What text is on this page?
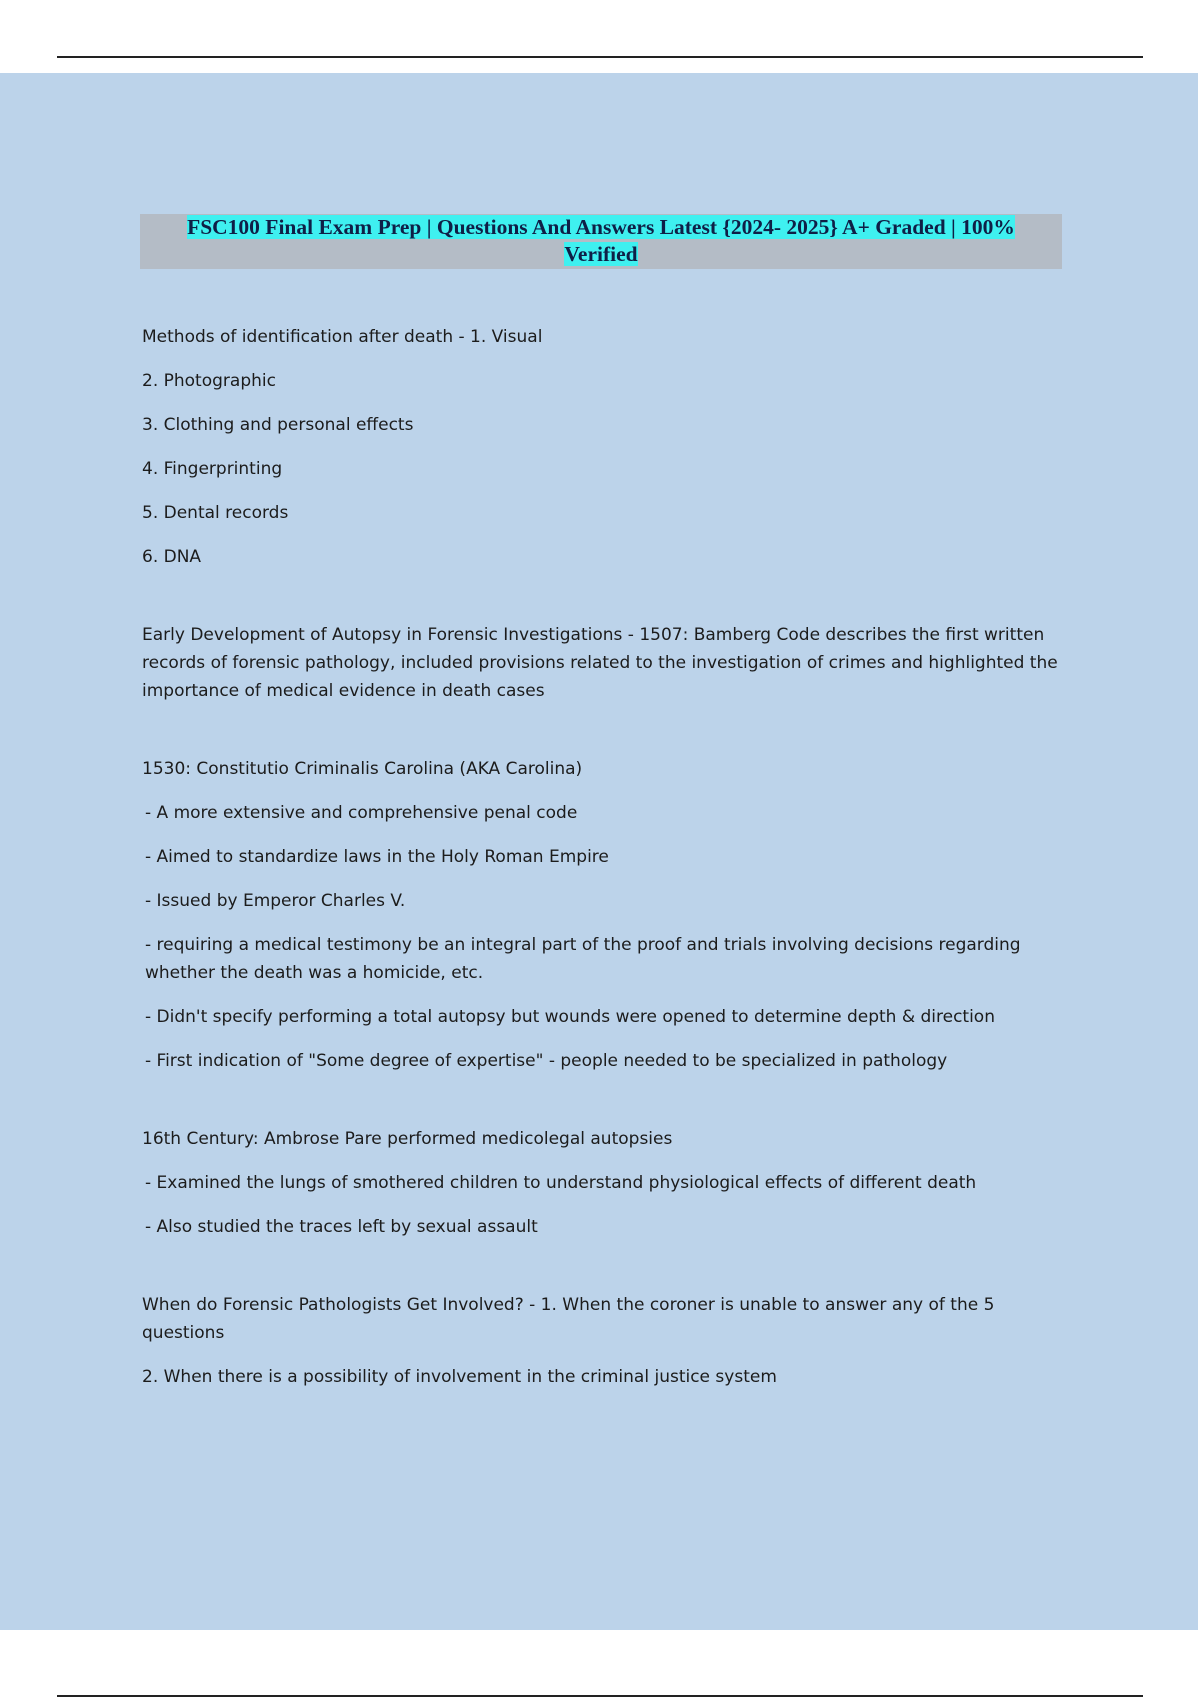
FSC100 Final Exam Prep | Questions And Answers Latest {2024- 2025} A+ Graded | 100%
Verified

Methods of identification after death - 1. Visual

2. Photographic

3. Clothing and personal effects

4. Fingerprinting

5. Dental records

6. DNA

Early Development of Autopsy in Forensic Investigations - 1507: Bamberg Code describes the first written records of forensic pathology, included provisions related to the investigation of crimes and highlighted the importance of medical evidence in death cases

1530: Constitutio Criminalis Carolina (AKA Carolina)

- A more extensive and comprehensive penal code

- Aimed to standardize laws in the Holy Roman Empire

- Issued by Emperor Charles V.

- requiring a medical testimony be an integral part of the proof and trials involving decisions regarding whether the death was a homicide, etc.

- Didn't specify performing a total autopsy but wounds were opened to determine depth & direction

- First indication of "Some degree of expertise" - people needed to be specialized in pathology

16th Century: Ambrose Pare performed medicolegal autopsies

- Examined the lungs of smothered children to understand physiological effects of different death

- Also studied the traces left by sexual assault

When do Forensic Pathologists Get Involved? - 1. When the coroner is unable to answer any of the 5 questions

2. When there is a possibility of involvement in the criminal justice system
